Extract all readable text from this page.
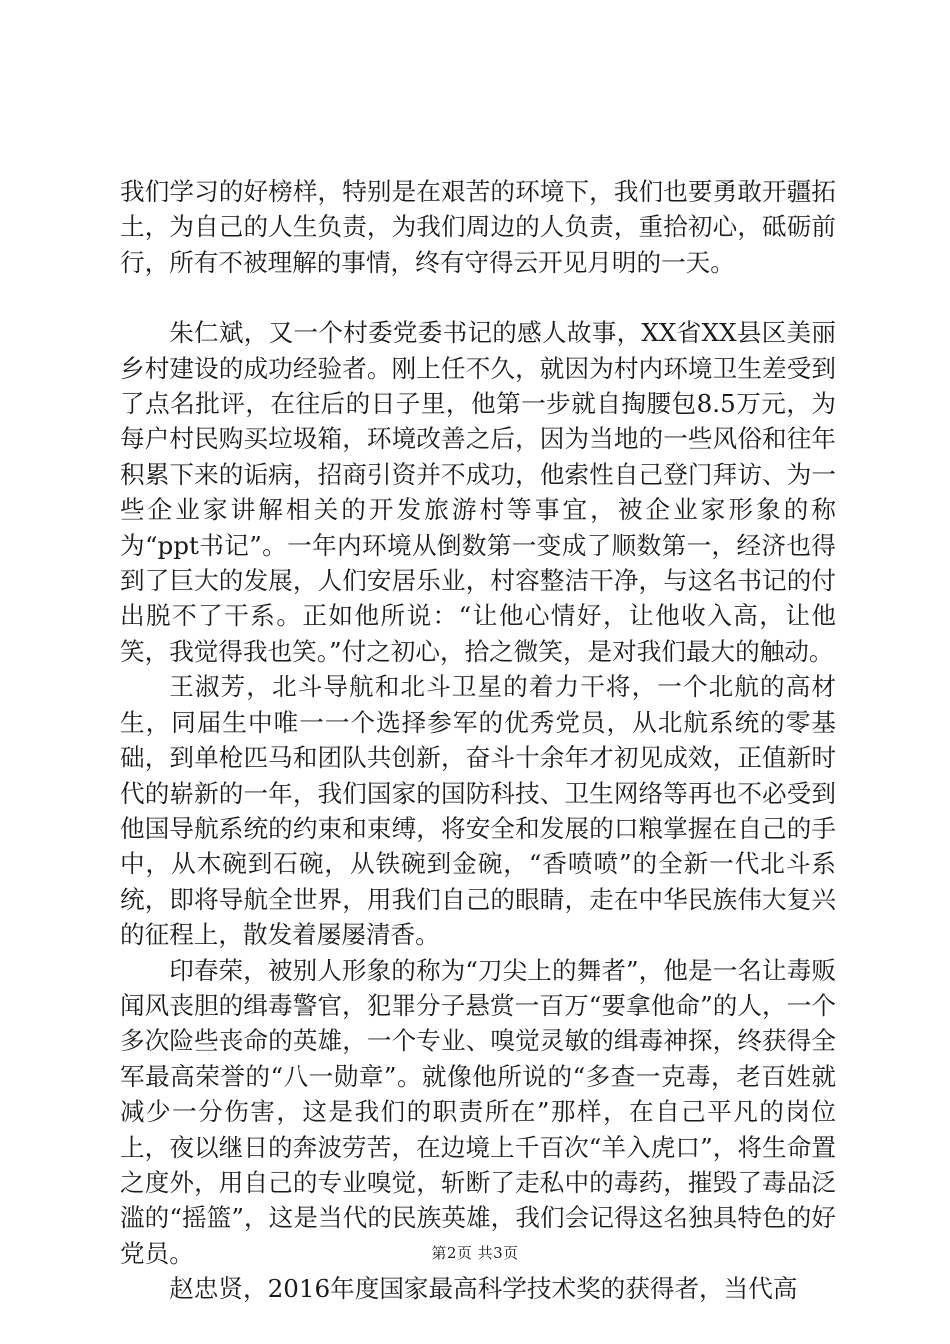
我们学习的好榜样，特别是在艰苦的环境下，我们也要勇敢开疆拓土，为自己的人生负责，为我们周边的人负责，重拾初心，砥砺前行，所有不被理解的事情，终有守得云开见月明的一天。

朱仁斌，又一个村委党委书记的感人故事，XX省XX县区美丽乡村建设的成功经验者。刚上任不久，就因为村内环境卫生差受到了点名批评，在往后的日子里，他第一步就自掏腰包8.5万元，为每户村民购买垃圾箱，环境改善之后，因为当地的一些风俗和往年积累下来的诟病，招商引资并不成功，他索性自己登门拜访、为一些企业家讲解相关的开发旅游村等事宜，被企业家形象的称为“ppt书记”。一年内环境从倒数第一变成了顺数第一，经济也得到了巨大的发展，人们安居乐业，村容整洁干净，与这名书记的付出脱不了干系。正如他所说：“让他心情好，让他收入高，让他笑，我觉得我也笑。”付之初心，拾之微笑，是对我们最大的触动。

王淑芳，北斗导航和北斗卫星的着力干将，一个北航的高材生，同届生中唯一一个选择参军的优秀党员，从北航系统的零基础，到单枪匹马和团队共创新，奋斗十余年才初见成效，正值新时代的崭新的一年，我们国家的国防科技、卫生网络等再也不必受到他国导航系统的约束和束缚，将安全和发展的口粮掌握在自己的手中，从木碗到石碗，从铁碗到金碗，“香喷喷”的全新一代北斗系统，即将导航全世界，用我们自己的眼睛，走在中华民族伟大复兴的征程上，散发着屡屡清香。

印春荣，被别人形象的称为“刀尖上的舞者”，他是一名让毒贩闻风丧胆的缉毒警官，犯罪分子悬赏一百万“要拿他命”的人，一个多次险些丧命的英雄，一个专业、嗅觉灵敏的缉毒神探，终获得全军最高荣誉的“八一勋章”。就像他所说的“多查一克毒，老百姓就减少一分伤害，这是我们的职责所在”那样，在自己平凡的岗位上，夜以继日的奔波劳苦，在边境上千百次“羊入虎口”，将生命置之度外，用自己的专业嗅觉，斩断了走私中的毒药，摧毁了毒品泛滥的“摇篮”，这是当代的民族英雄，我们会记得这名独具特色的好党员。

赵忠贤，2016年度国家最高科学技术奖的获得者，当代高

第2页 共3页
